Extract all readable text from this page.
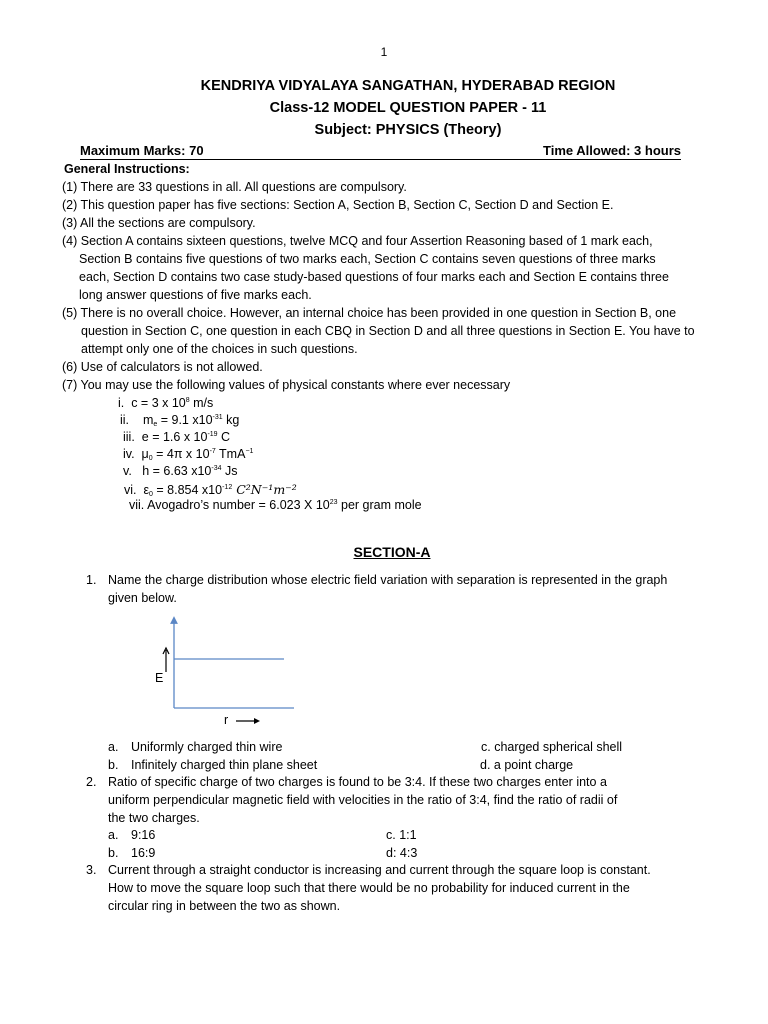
1
KENDRIYA VIDYALAYA SANGATHAN, HYDERABAD REGION
Class-12 MODEL QUESTION PAPER - 11
Subject: PHYSICS (Theory)
Maximum Marks: 70	Time Allowed: 3 hours
General Instructions:
(1) There are 33 questions in all. All questions are compulsory.
(2) This question paper has five sections: Section A, Section B, Section C, Section D and Section E.
(3) All the sections are compulsory.
(4) Section A contains sixteen questions, twelve MCQ and four Assertion Reasoning based of 1 mark each,
Section B contains five questions of two marks each, Section C contains seven questions of three marks
each, Section D contains two case study-based questions of four marks each and Section E contains three
long answer questions of five marks each.
(5) There is no overall choice. However, an internal choice has been provided in one question in Section B, one
question in Section C, one question in each CBQ in Section D and all three questions in Section E. You have to
attempt only one of the choices in such questions.
(6) Use of calculators is not allowed.
(7) You may use the following values of physical constants where ever necessary
i. c = 3 x $10^8$ m/s
ii. $m_e = 9.1$ $x10^{-31}$ kg
iii. e = 1.6 x $10^{-19}$ C
iv. $\mu_0 = 4\pi$ x $10^{-7}$ TmA$^{-1}$
v. h = 6.63 $x10^{-34}$ Js
vi. $\varepsilon_0 = 8.854$ $x10^{-12}$ C²N⁻¹m⁻²
vii. Avogadro’s number = 6.023 X $10^{23}$ per gram mole
SECTION-A
1. Name the charge distribution whose electric field variation with separation is represented in the graph
given below.
E
r
a. Uniformly charged thin wire	c. charged spherical shell
b. Infinitely charged thin plane sheet	d. a point charge
2. Ratio of specific charge of two charges is found to be 3:4. If these two charges enter into a
uniform perpendicular magnetic field with velocities in the ratio of 3:4, find the ratio of radii of
the two charges.
a. 9:16	c. 1:1
b. 16:9	d: 4:3
3. Current through a straight conductor is increasing and current through the square loop is constant.
How to move the square loop such that there would be no probability for induced current in the
circular ring in between the two as shown.
